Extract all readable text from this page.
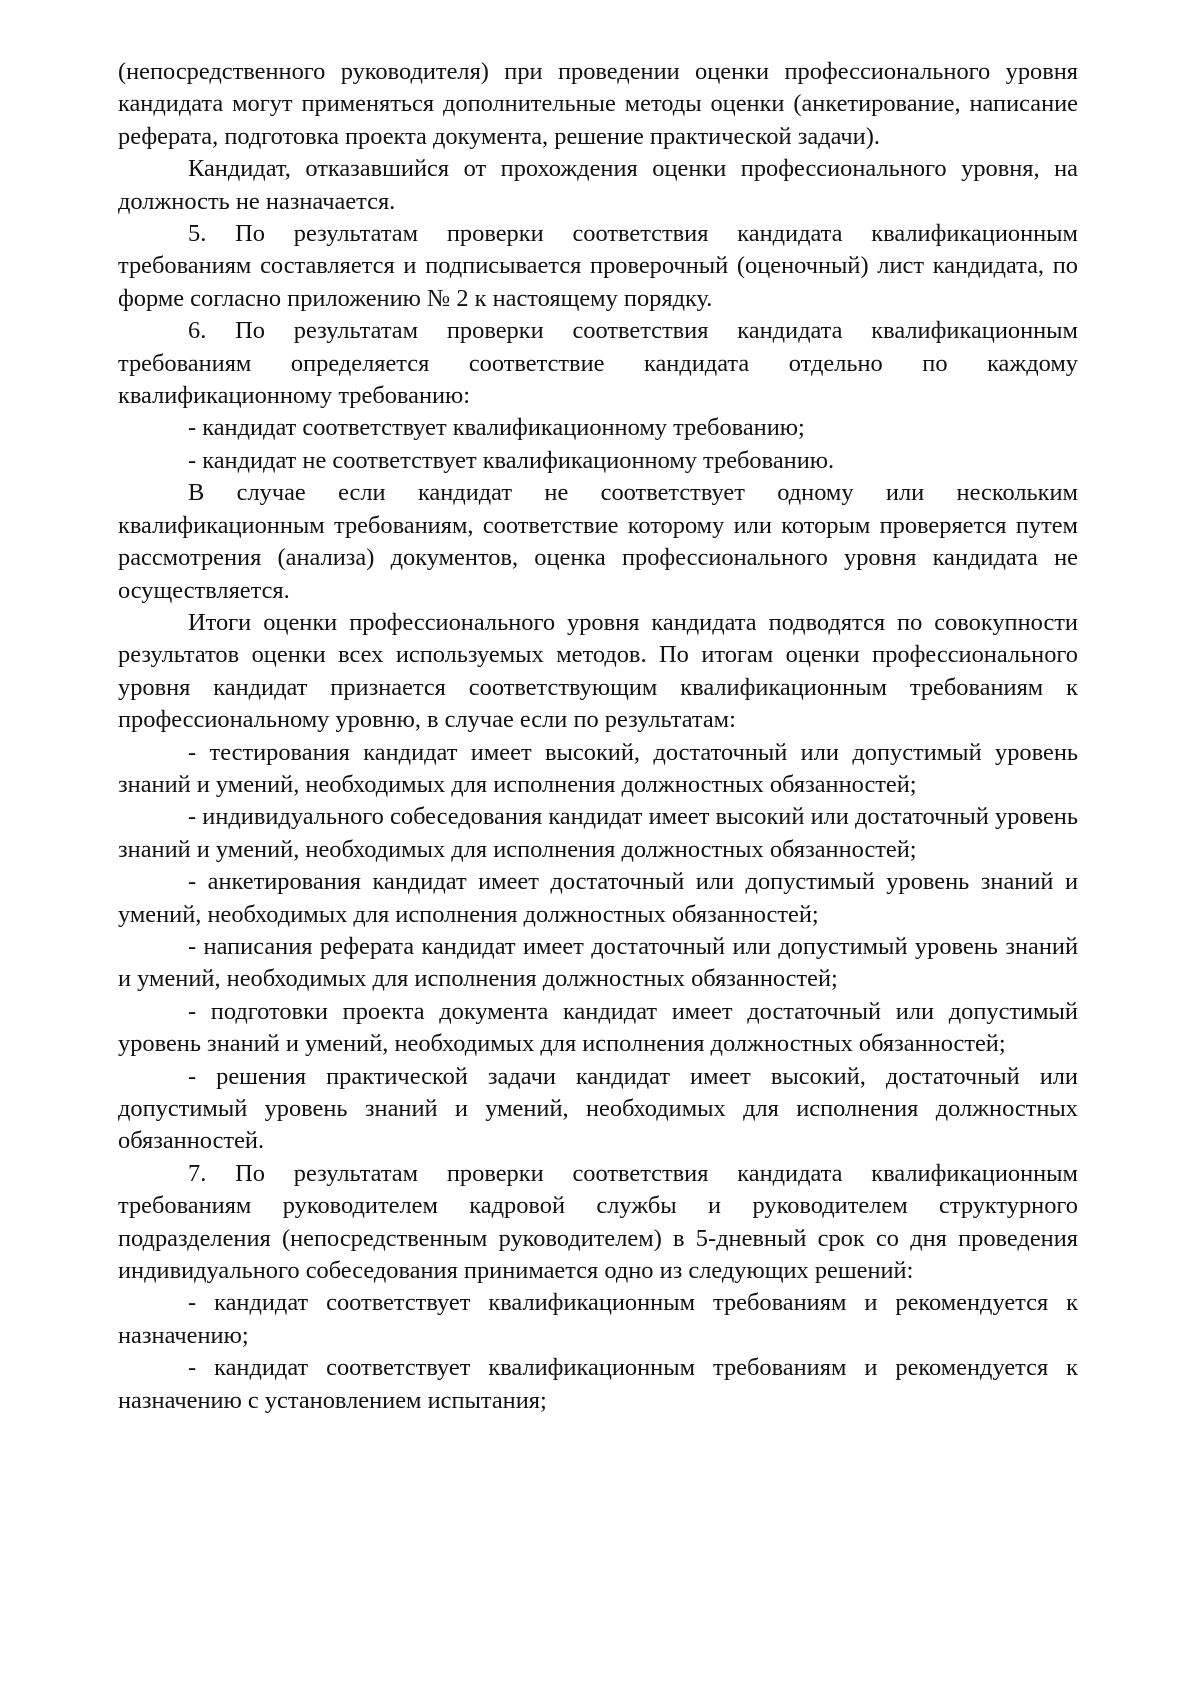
(непосредственного руководителя) при проведении оценки профессионального уровня кандидата могут применяться дополнительные методы оценки (анкетирование, написание реферата, подготовка проекта документа, решение практической задачи).

Кандидат, отказавшийся от прохождения оценки профессионального уровня, на должность не назначается.

5. По результатам проверки соответствия кандидата квалификационным требованиям составляется и подписывается проверочный (оценочный) лист кандидата, по форме согласно приложению № 2 к настоящему порядку.

6. По результатам проверки соответствия кандидата квалификационным требованиям определяется соответствие кандидата отдельно по каждому квалификационному требованию:

- кандидат соответствует квалификационному требованию;

- кандидат не соответствует квалификационному требованию.

В случае если кандидат не соответствует одному или нескольким квалификационным требованиям, соответствие которому или которым проверяется путем рассмотрения (анализа) документов, оценка профессионального уровня кандидата не осуществляется.

Итоги оценки профессионального уровня кандидата подводятся по совокупности результатов оценки всех используемых методов. По итогам оценки профессионального уровня кандидат признается соответствующим квалификационным требованиям к профессиональному уровню, в случае если по результатам:

- тестирования кандидат имеет высокий, достаточный или допустимый уровень знаний и умений, необходимых для исполнения должностных обязанностей;

- индивидуального собеседования кандидат имеет высокий или достаточный уровень знаний и умений, необходимых для исполнения должностных обязанностей;

- анкетирования кандидат имеет достаточный или допустимый уровень знаний и умений, необходимых для исполнения должностных обязанностей;

- написания реферата кандидат имеет достаточный или допустимый уровень знаний и умений, необходимых для исполнения должностных обязанностей;

- подготовки проекта документа кандидат имеет достаточный или допустимый уровень знаний и умений, необходимых для исполнения должностных обязанностей;

- решения практической задачи кандидат имеет высокий, достаточный или допустимый уровень знаний и умений, необходимых для исполнения должностных обязанностей.

7. По результатам проверки соответствия кандидата квалификационным требованиям руководителем кадровой службы и руководителем структурного подразделения (непосредственным руководителем) в 5-дневный срок со дня проведения индивидуального собеседования принимается одно из следующих решений:

- кандидат соответствует квалификационным требованиям и рекомендуется к назначению;

- кандидат соответствует квалификационным требованиям и рекомендуется к назначению с установлением испытания;
